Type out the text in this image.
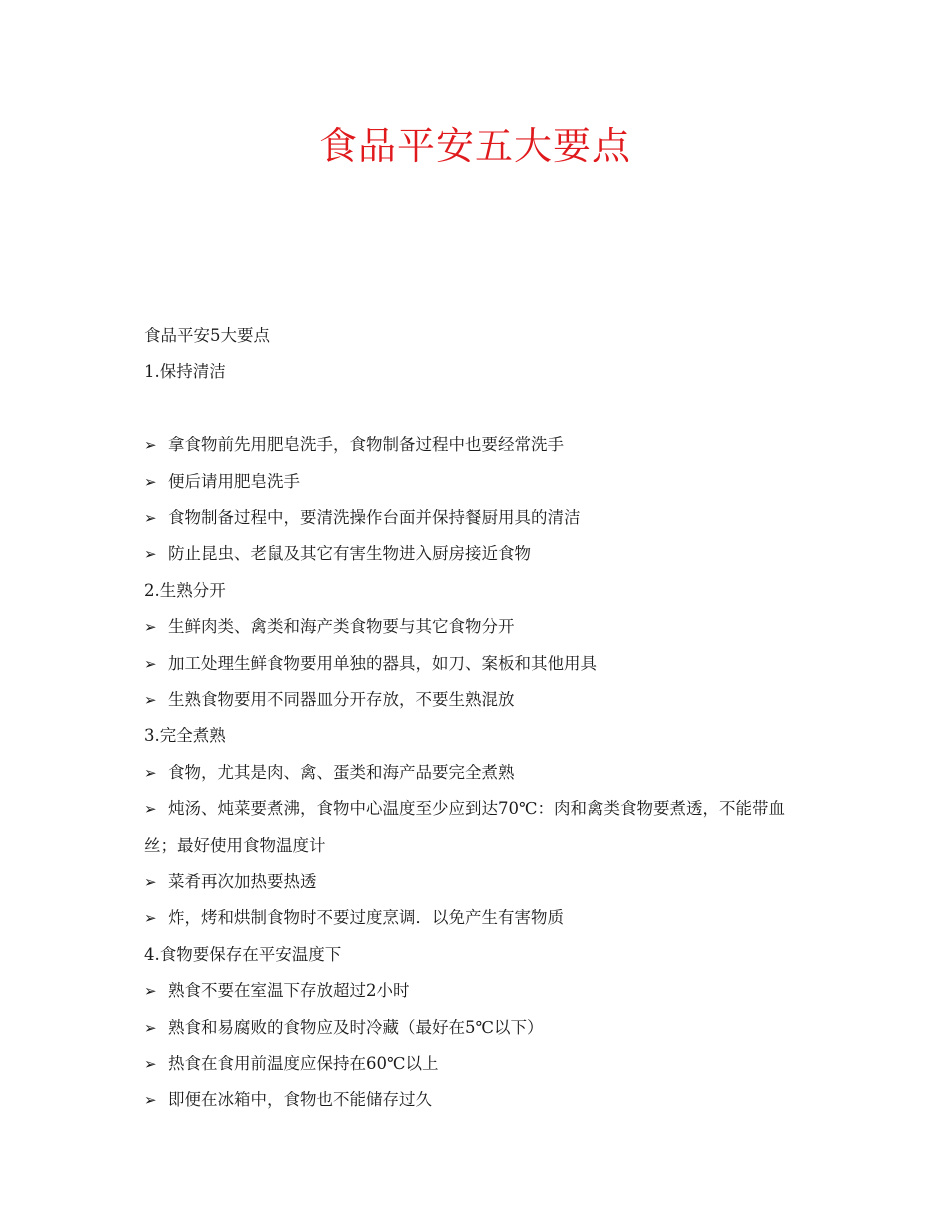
食品平安五大要点
食品平安5大要点
1.保持清洁
➢ 拿食物前先用肥皂洗手，食物制备过程中也要经常洗手
➢ 便后请用肥皂洗手
➢ 食物制备过程中，要清洗操作台面并保持餐厨用具的清洁
➢ 防止昆虫、老鼠及其它有害生物进入厨房接近食物
2.生熟分开
➢ 生鲜肉类、禽类和海产类食物要与其它食物分开
➢ 加工处理生鲜食物要用单独的器具，如刀、案板和其他用具
➢ 生熟食物要用不同器皿分开存放，不要生熟混放
3.完全煮熟
➢ 食物，尤其是肉、禽、蛋类和海产品要完全煮熟
➢ 炖汤、炖菜要煮沸，食物中心温度至少应到达70℃：肉和禽类食物要煮透，不能带血丝；最好使用食物温度计
➢ 菜肴再次加热要热透
➢ 炸，烤和烘制食物时不要过度烹调．以免产生有害物质
4.食物要保存在平安温度下
➢ 熟食不要在室温下存放超过2小时
➢ 熟食和易腐败的食物应及时冷藏（最好在5℃以下）
➢ 热食在食用前温度应保持在60℃以上
➢ 即便在冰箱中，食物也不能储存过久
